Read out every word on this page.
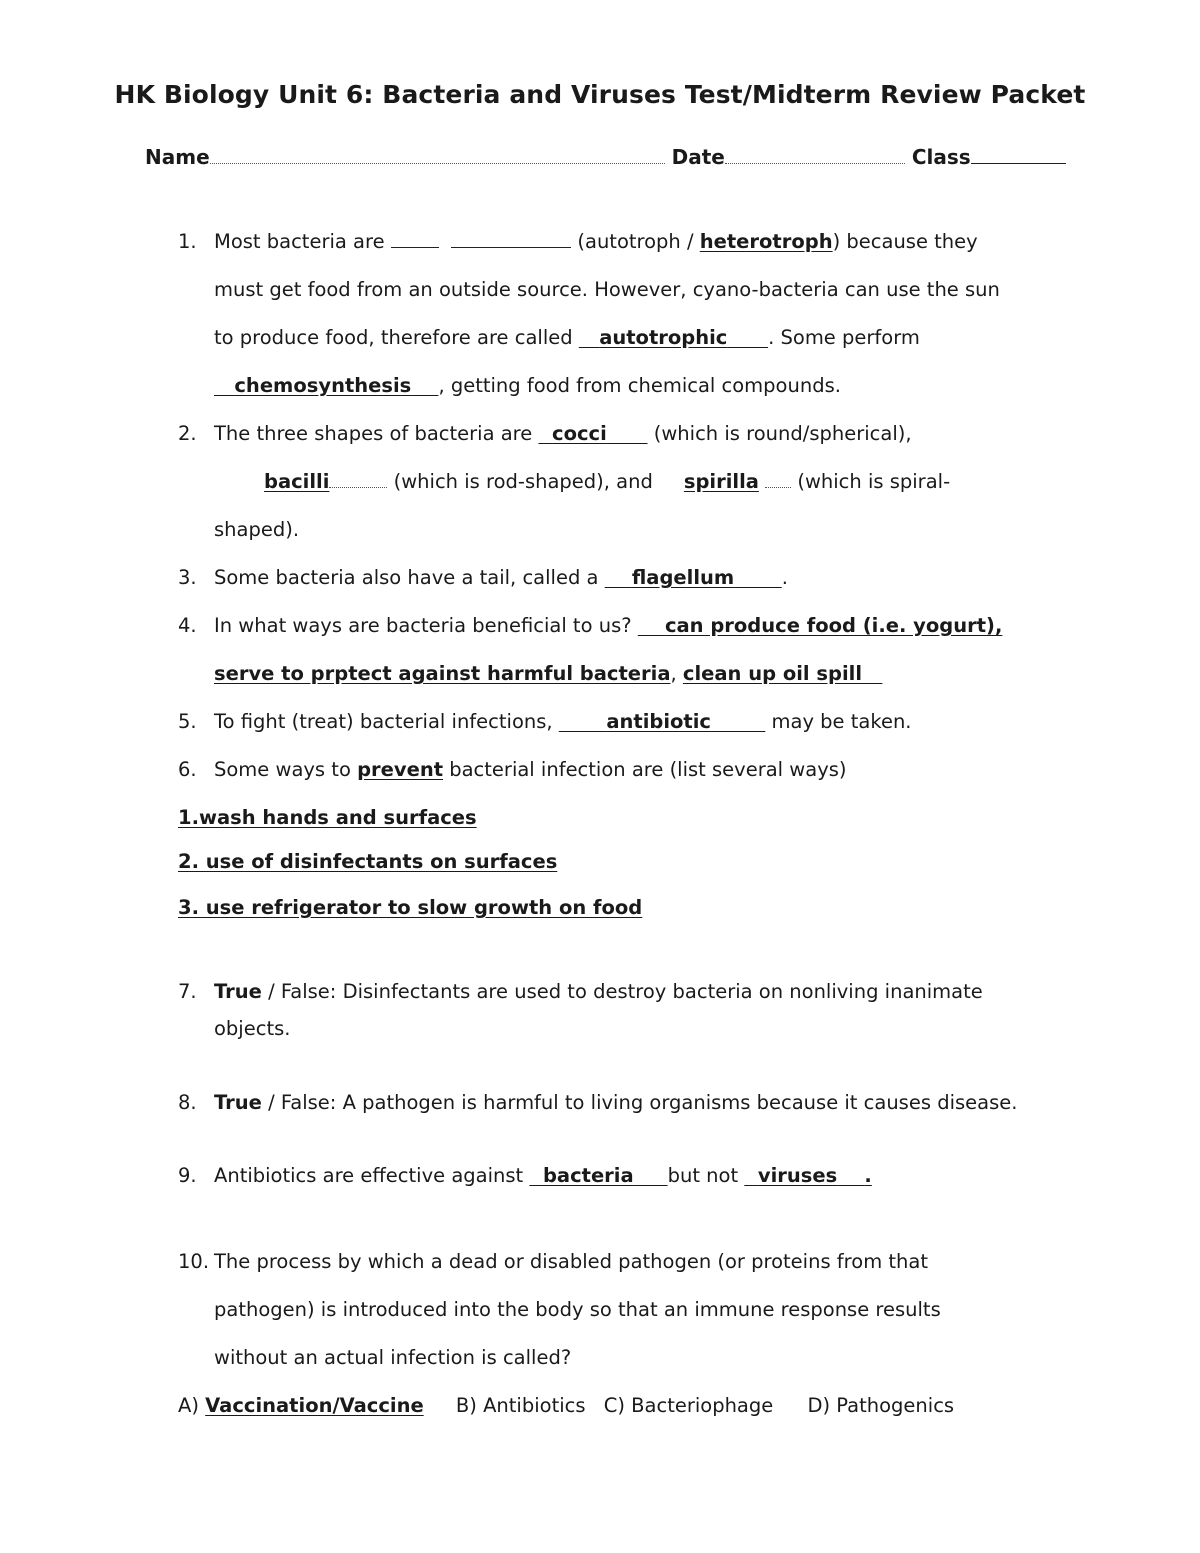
HK Biology Unit 6: Bacteria and Viruses Test/Midterm Review Packet
Name	Date	Class
1. Most bacteria are	(autotroph / heterotroph) because they
must get food from an outside source. However, cyano-bacteria can use the sun
to produce food, therefore are called    autotrophic . Some perform
chemosynthesis , getting food from chemical compounds.
2. The three shapes of bacteria are   cocci       (which is round/spherical),
bacilli	(which is rod-shaped), and     spirilla  (which is spiral-
shaped).
3. Some bacteria also have a tail, called a     flagellum .
4. In what ways are bacteria beneficial to us?     can produce food (i.e. yogurt),
serve to prptect against harmful bacteria, clean up oil spill
5. To fight (treat) bacterial infections,        antibiotic	may be taken.
6. Some ways to prevent bacterial infection are (list several ways)
1.wash hands and surfaces
2. use of disinfectants on surfaces
3. use refrigerator to slow growth on food
7. True / False: Disinfectants are used to destroy bacteria on nonliving inanimate
objects.
8. True / False: A pathogen is harmful to living organisms because it causes disease.
9. Antibiotics are effective against   bacteria but not   viruses .
10. The process by which a dead or disabled pathogen (or proteins from that
pathogen) is introduced into the body so that an immune response results
without an actual infection is called?
A) Vaccination/Vaccine B) Antibiotics C) Bacteriophage D) Pathogenics
